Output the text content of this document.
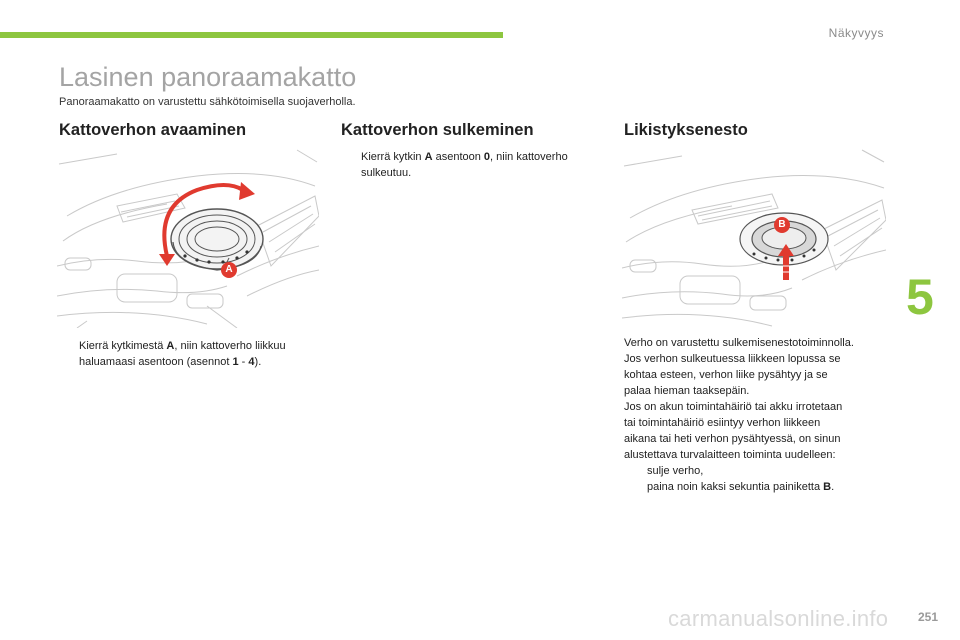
Näkyvyys
Lasinen panoraamakatto
Panoraamakatto on varustettu sähkötoimisella suojaverholla.
Kattoverhon avaaminen
A
Kierrä kytkimestä A, niin kattoverho liikkuu
haluamaasi asentoon (asennot 1 - 4).
Kattoverhon sulkeminen
Kierrä kytkin A asentoon 0, niin kattoverho
sulkeutuu.
Likistyksenesto
B
Verho on varustettu sulkemisenestotoiminnolla.
Jos verhon sulkeutuessa liikkeen lopussa se
kohtaa esteen, verhon liike pysähtyy ja se
palaa hieman taaksepäin.
Jos on akun toimintahäiriö tai akku irrotetaan
tai toimintahäiriö esiintyy verhon liikkeen
aikana tai heti verhon pysähtyessä, on sinun
alustettava turvalaitteen toiminta uudelleen:
sulje verho,
paina noin kaksi sekuntia painiketta B.
5
carmanualsonline.info 251
